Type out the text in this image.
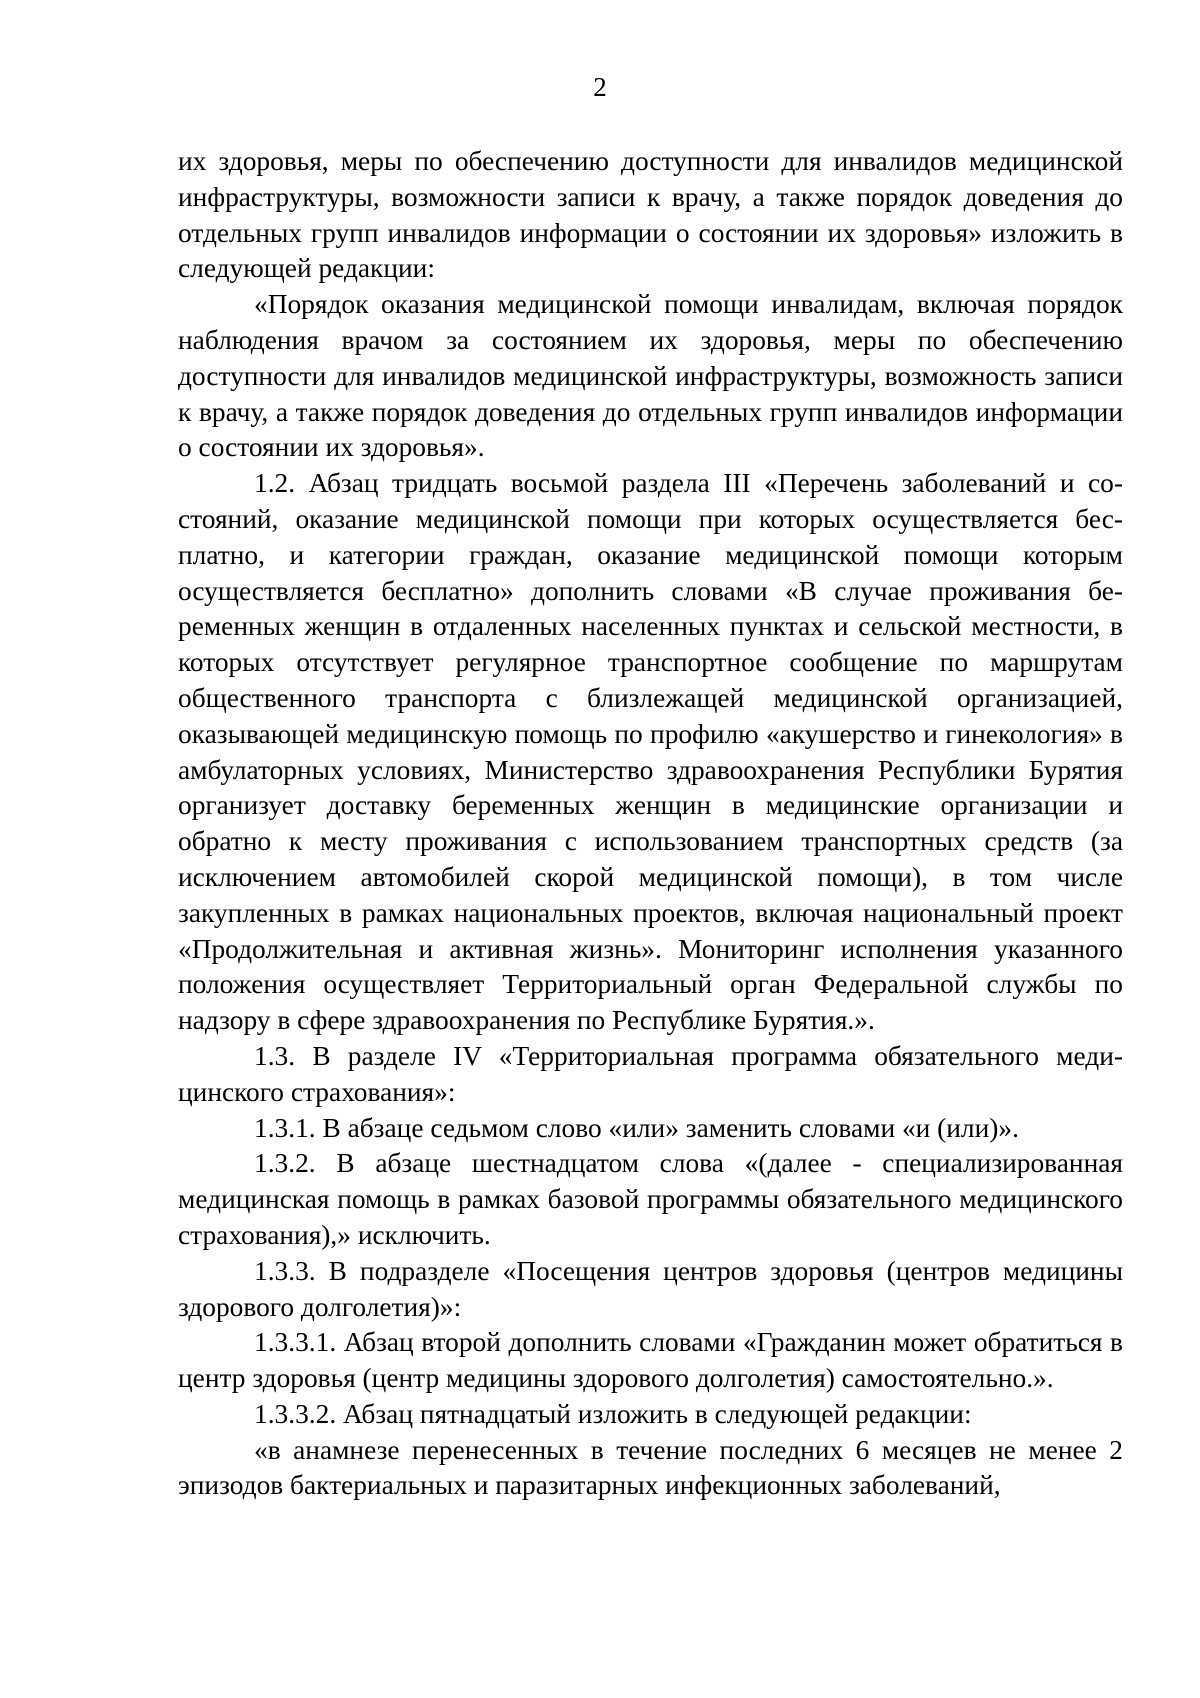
2

их здоровья, меры по обеспечению доступности для инвалидов медицинской инфраструктуры, возможности записи к врачу, а также порядок доведения до отдельных групп инвалидов информации о состоянии их здоровья» изложить в следующей редакции:

«Порядок оказания медицинской помощи инвалидам, включая порядок наблюдения врачом за состоянием их здоровья, меры по обеспечению доступности для инвалидов медицинской инфраструктуры, возможность записи к врачу, а также порядок доведения до отдельных групп инвалидов информации о состоянии их здоровья».

1.2. Абзац тридцать восьмой раздела III «Перечень заболеваний и состояний, оказание медицинской помощи при которых осуществляется бесплатно, и категории граждан, оказание медицинской помощи которым осуществляется бесплатно» дополнить словами «В случае проживания беременных женщин в отдаленных населенных пунктах и сельской местности, в которых отсутствует регулярное транспортное сообщение по маршрутам общественного транспорта с близлежащей медицинской организацией, оказывающей медицинскую помощь по профилю «акушерство и гинекология» в амбулаторных условиях, Министерство здравоохранения Республики Бурятия организует доставку беременных женщин в медицинские организации и обратно к месту проживания с использованием транспортных средств (за исключением автомобилей скорой медицинской помощи), в том числе закупленных в рамках национальных проектов, включая национальный проект «Продолжительная и активная жизнь». Мониторинг исполнения указанного положения осуществляет Территориальный орган Федеральной службы по надзору в сфере здравоохранения по Республике Бурятия.».

1.3. В разделе IV «Территориальная программа обязательного медицинского страхования»:

1.3.1. В абзаце седьмом слово «или» заменить словами «и (или)».

1.3.2. В абзаце шестнадцатом слова «(далее - специализированная медицинская помощь в рамках базовой программы обязательного медицинского страхования),» исключить.

1.3.3. В подразделе «Посещения центров здоровья (центров медицины здорового долголетия)»:

1.3.3.1. Абзац второй дополнить словами «Гражданин может обратиться в центр здоровья (центр медицины здорового долголетия) самостоятельно.».

1.3.3.2. Абзац пятнадцатый изложить в следующей редакции:

«в анамнезе перенесенных в течение последних 6 месяцев не менее 2 эпизодов бактериальных и паразитарных инфекционных заболеваний,
